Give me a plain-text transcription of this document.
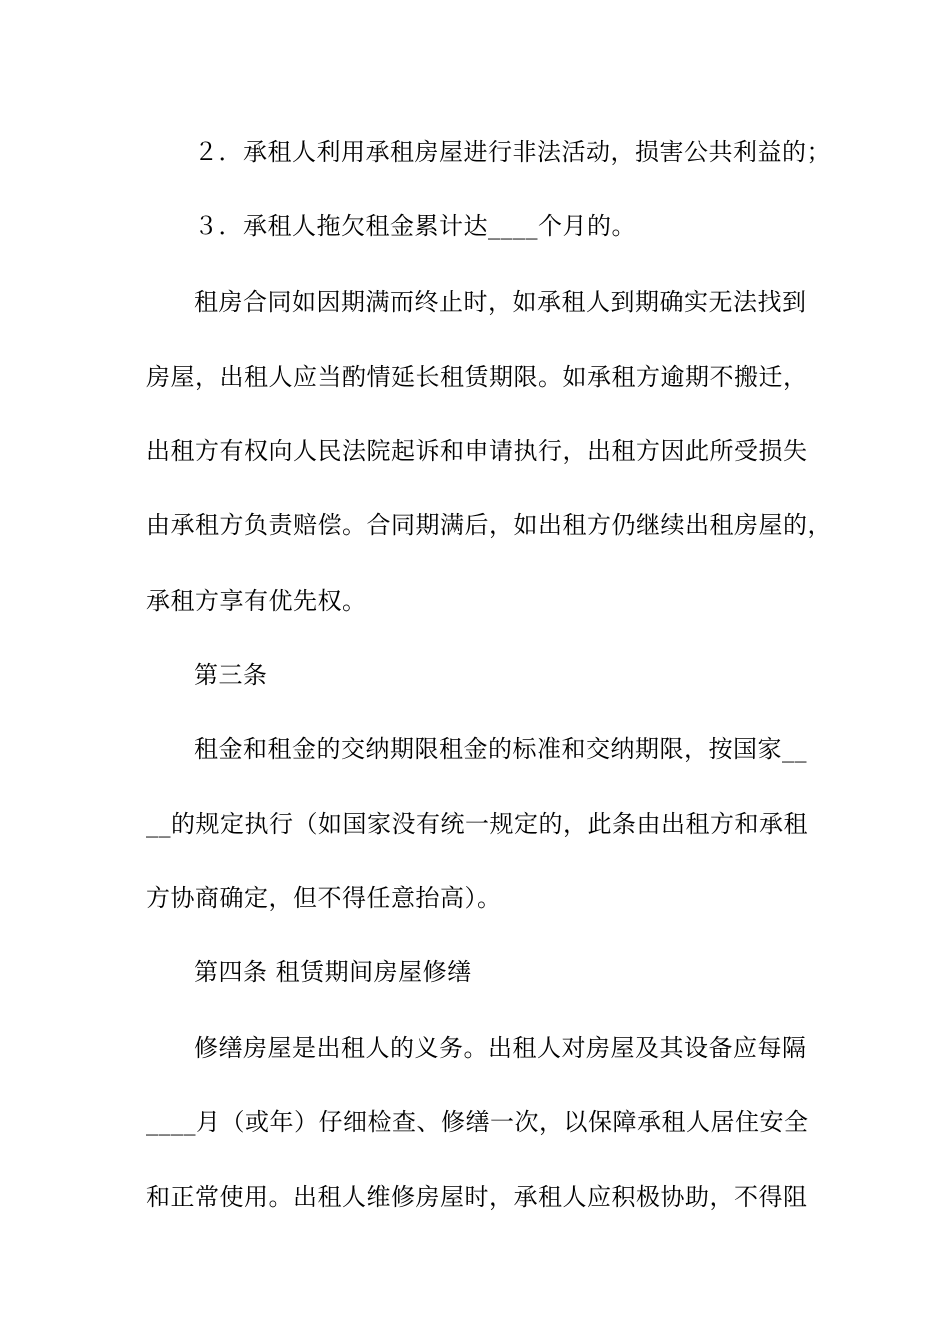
２．承租人利用承租房屋进行非法活动，损害公共利益的；

３．承租人拖欠租金累计达____个月的。

租房合同如因期满而终止时，如承租人到期确实无法找到

房屋，出租人应当酌情延长租赁期限。如承租方逾期不搬迁，

出租方有权向人民法院起诉和申请执行，出租方因此所受损失

由承租方负责赔偿。合同期满后，如出租方仍继续出租房屋的，

承租方享有优先权。

第三条

租金和租金的交纳期限租金的标准和交纳期限，按国家__

__的规定执行（如国家没有统一规定的，此条由出租方和承租

方协商确定，但不得任意抬高）。

第四条 租赁期间房屋修缮

修缮房屋是出租人的义务。出租人对房屋及其设备应每隔

____月（或年）仔细检查、修缮一次，以保障承租人居住安全

和正常使用。出租人维修房屋时，承租人应积极协助，不得阻
